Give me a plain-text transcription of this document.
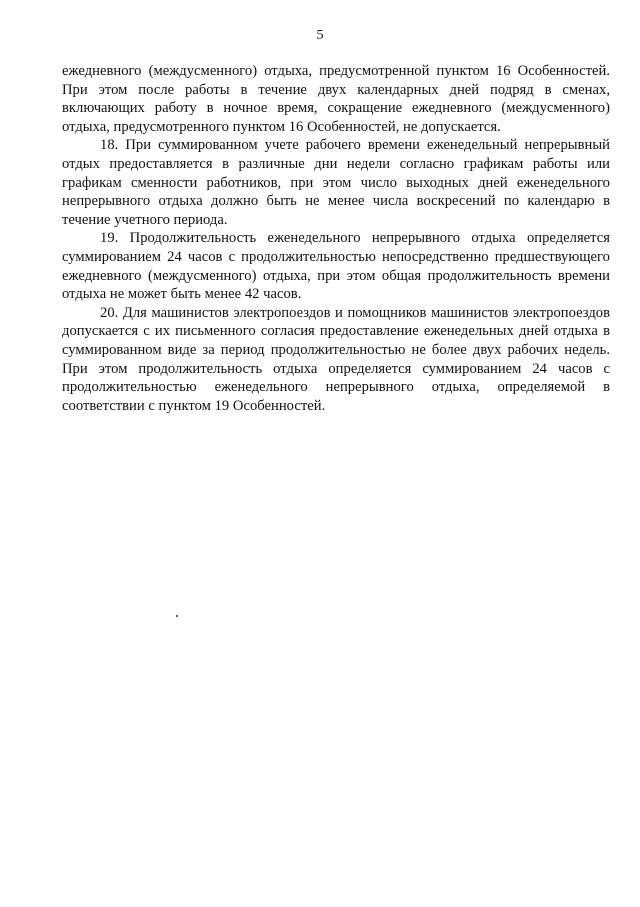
5

ежедневного (междусменного) отдыха, предусмотренной пунктом 16 Особенностей. При этом после работы в течение двух календарных дней подряд в сменах, включающих работу в ночное время, сокращение ежедневного (междусменного) отдыха, предусмотренного пунктом 16 Особенностей, не допускается.

18. При суммированном учете рабочего времени еженедельный непрерывный отдых предоставляется в различные дни недели согласно графикам работы или графикам сменности работников, при этом число выходных дней еженедельного непрерывного отдыха должно быть не менее числа воскресений по календарю в течение учетного периода.

19. Продолжительность еженедельного непрерывного отдыха определяется суммированием 24 часов с продолжительностью непосредственно предшествующего ежедневного (междусменного) отдыха, при этом общая продолжительность времени отдыха не может быть менее 42 часов.

20. Для машинистов электропоездов и помощников машинистов электропоездов допускается с их письменного согласия предоставление еженедельных дней отдыха в суммированном виде за период продолжительностью не более двух рабочих недель. При этом продолжительность отдыха определяется суммированием 24 часов с продолжительностью еженедельного непрерывного отдыха, определяемой в соответствии с пунктом 19 Особенностей.
